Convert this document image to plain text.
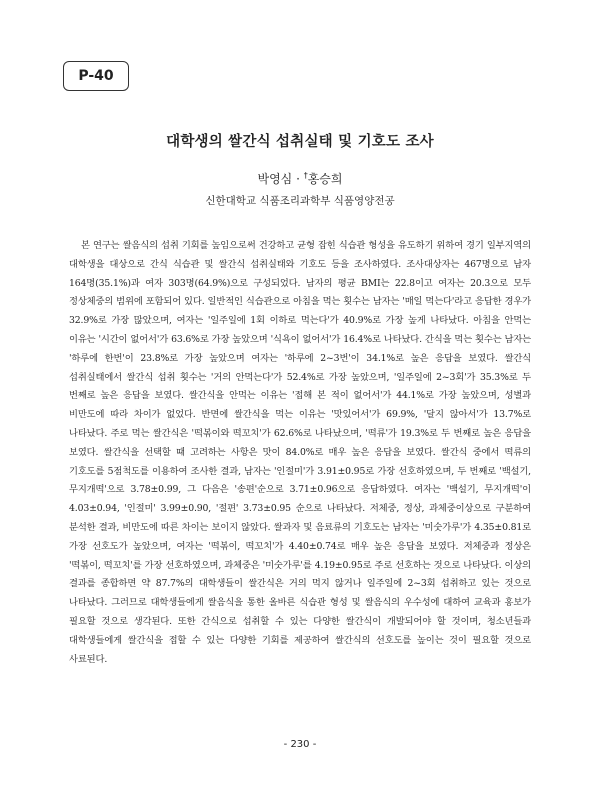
P-40
대학생의 쌀간식 섭취실태 및 기호도 조사
박영심 · †홍승희
신한대학교 식품조리과학부 식품영양전공

본 연구는 쌀음식의 섭취 기회를 높임으로써 건강하고 균형 잡힌 식습관 형성을 유도하기 위하여 경기 일부지역의 대학생을 대상으로 간식 식습관 및 쌀간식 섭취실태와 기호도 등을 조사하였다. 조사대상자는 467명으로 남자 164명(35.1%)과 여자 303명(64.9%)으로 구성되었다. 남자의 평균 BMI는 22.8이고 여자는 20.3으로 모두 정상체중의 범위에 포함되어 있다. 일반적인 식습관으로 아침을 먹는 횟수는 남자는 '매일 먹는다'라고 응답한 경우가 32.9%로 가장 많았으며, 여자는 '일주일에 1회 이하로 먹는다'가 40.9%로 가장 높게 나타났다. 아침을 안먹는 이유는 '시간이 없어서'가 63.6%로 가장 높았으며 '식욕이 없어서'가 16.4%로 나타났다. 간식을 먹는 횟수는 남자는 '하루에 한번'이 23.8%로 가장 높았으며 여자는 '하루에 2~3번'이 34.1%로 높은 응답을 보였다. 쌀간식 섭취실태에서 쌀간식 섭취 횟수는 '거의 안먹는다'가 52.4%로 가장 높았으며, '일주일에 2~3회'가 35.3%로 두 번째로 높은 응답을 보였다. 쌀간식을 안먹는 이유는 '접해 본 적이 없어서'가 44.1%로 가장 높았으며, 성별과 비만도에 따라 차이가 없었다. 반면에 쌀간식을 먹는 이유는 '맛있어서'가 69.9%, '달지 않아서'가 13.7%로 나타났다. 주로 먹는 쌀간식은 '떡볶이와 떡꼬치'가 62.6%로 나타났으며, '떡류'가 19.3%로 두 번째로 높은 응답을 보였다. 쌀간식을 선택할 때 고려하는 사항은 맛이 84.0%로 매우 높은 응답을 보였다. 쌀간식 중에서 떡류의 기호도를 5점척도를 이용하여 조사한 결과, 남자는 '인절미'가 3.91±0.95로 가장 선호하였으며, 두 번째로 '백설기, 무지개떡'으로 3.78±0.99, 그 다음은 '송편'순으로 3.71±0.96으로 응답하였다. 여자는 '백설기, 무지개떡'이 4.03±0.94, '인절미' 3.99±0.90, '절편' 3.73±0.95 순으로 나타났다. 저체중, 정상, 과체중이상으로 구분하여 분석한 결과, 비만도에 따른 차이는 보이지 않았다. 쌀과자 및 음료류의 기호도는 남자는 '미숫가루'가 4.35±0.81로 가장 선호도가 높았으며, 여자는 '떡볶이, 떡꼬치'가 4.40±0.74로 매우 높은 응답을 보였다. 저체중과 정상은 '떡볶이, 떡꼬치'를 가장 선호하였으며, 과체중은 '미숫가루'를 4.19±0.95로 주로 선호하는 것으로 나타났다. 이상의 결과를 종합하면 약 87.7%의 대학생들이 쌀간식은 거의 먹지 않거나 일주일에 2~3회 섭취하고 있는 것으로 나타났다. 그러므로 대학생들에게 쌀음식을 통한 올바른 식습관 형성 및 쌀음식의 우수성에 대하여 교육과 홍보가 필요할 것으로 생각된다. 또한 간식으로 섭취할 수 있는 다양한 쌀간식이 개발되어야 할 것이며, 청소년들과 대학생들에게 쌀간식을 접할 수 있는 다양한 기회를 제공하여 쌀간식의 선호도를 높이는 것이 필요할 것으로 사료된다.

- 230 -
